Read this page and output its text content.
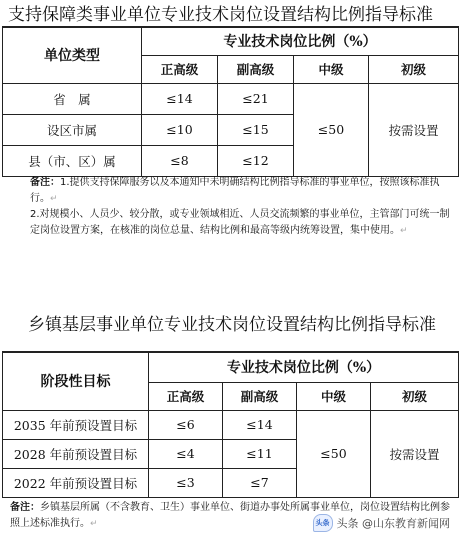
支持保障类事业单位专业技术岗位设置结构比例指导标准
单位类型	专业技术岗位比例（%）			
	正高级	副高级	中级	初级
省　属	≤14	≤21	≤50	按需设置
设区市属	≤10	≤15		
县（市、区）属	≤8	≤12		
备注：1.提供支持保障服务以及本通知中未明确结构比例指导标准的事业单位，按照该标准执行。↵
2.对规模小、人员少、较分散，或专业领域相近、人员交流频繁的事业单位，主管部门可统一制定岗位设置方案，在核准的岗位总量、结构比例和最高等级内统筹设置，集中使用。↵
乡镇基层事业单位专业技术岗位设置结构比例指导标准
阶段性目标	专业技术岗位比例（%）			
	正高级	副高级	中级	初级
2035 年前预设置目标	≤6	≤14	≤50	按需设置
2028 年前预设置目标	≤4	≤11		
2022 年前预设置目标	≤3	≤7		
备注：乡镇基层所属（不含教育、卫生）事业单位、街道办事处所属事业单位，岗位设置结构比例参照上述标准执行。↵	头条 头条 @山东教育新闻网
